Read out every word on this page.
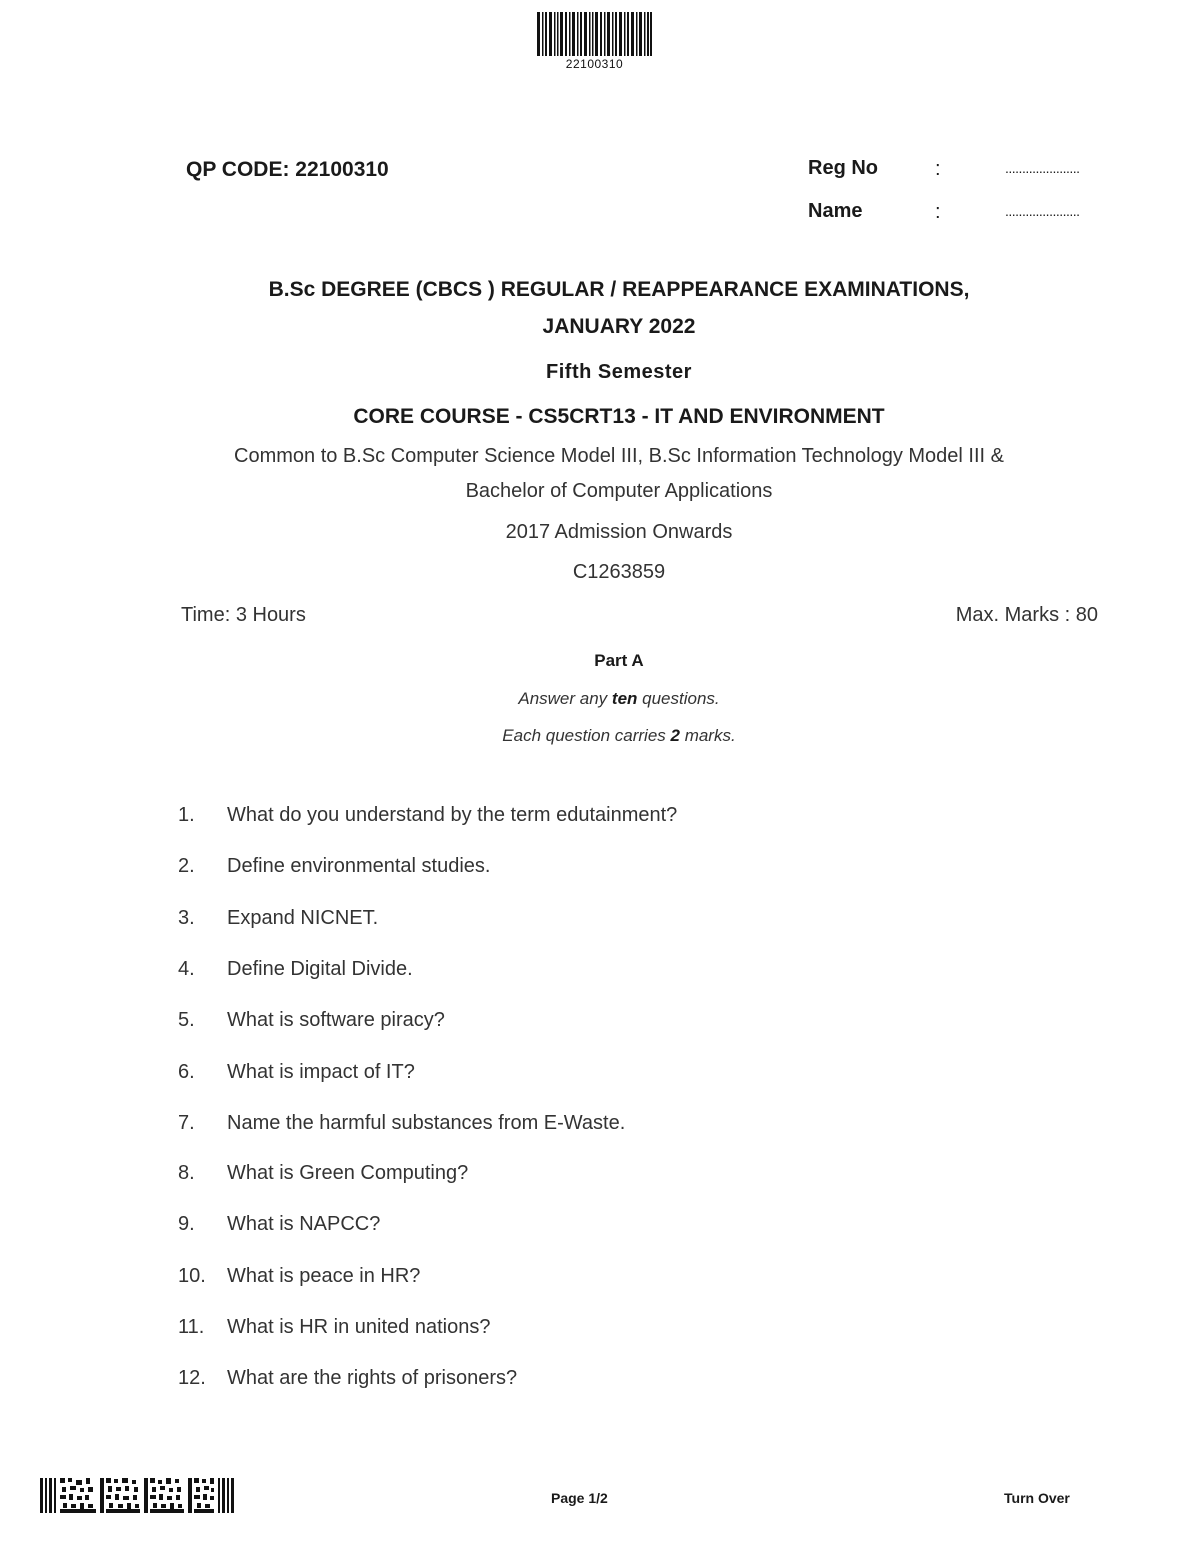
22100310
QP CODE: 22100310	Reg No	:	......................
Name	:	......................
B.Sc DEGREE (CBCS ) REGULAR / REAPPEARANCE EXAMINATIONS,
JANUARY 2022
Fifth Semester
CORE COURSE - CS5CRT13 - IT AND ENVIRONMENT
Common to B.Sc Computer Science Model III, B.Sc Information Technology Model III &
Bachelor of Computer Applications
2017 Admission Onwards
C1263859
Time: 3 Hours	Max. Marks : 80
Part A
Answer any ten questions.
Each question carries 2 marks.
1. What do you understand by the term edutainment?
2. Define environmental studies.
3. Expand NICNET.
4. Define Digital Divide.
5. What is software piracy?
6. What is impact of IT?
7. Name the harmful substances from E-Waste.
8. What is Green Computing?
9. What is NAPCC?
10. What is peace in HR?
11. What is HR in united nations?
12. What are the rights of prisoners?
Page 1/2	Turn Over
